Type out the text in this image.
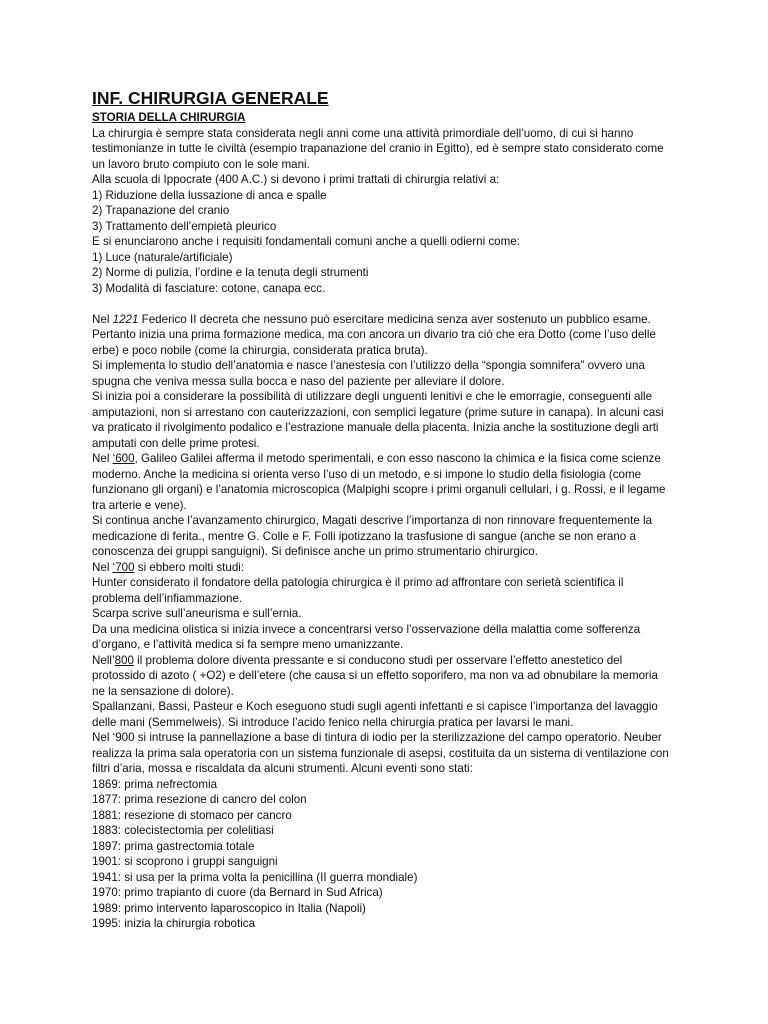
INF. CHIRURGIA GENERALE
STORIA DELLA CHIRURGIA
La chirurgia è sempre stata considerata negli anni come una attività primordiale dell’uomo, di cui si hanno
testimonianze in tutte le civiltà (esempio trapanazione del cranio in Egitto), ed è sempre stato considerato come
un lavoro bruto compiuto con le sole mani.
Alla scuola di Ippocrate (400 A.C.) si devono i primi trattati di chirurgia relativi a:
1) Riduzione della lussazione di anca e spalle
2) Trapanazione del cranio
3) Trattamento dell’empietà pleurico
E si enunciarono anche i requisiti fondamentali comuni anche a quelli odierni come:
1) Luce (naturale/artificiale)
2) Norme di pulizia, l’ordine e la tenuta degli strumenti
3) Modalità di fasciature: cotone, canapa ecc.
Nel 1221 Federico II decreta che nessuno può esercitare medicina senza aver sostenuto un pubblico esame.
Pertanto inizia una prima formazione medica, ma con ancora un divario tra ciò che era Dotto (come l’uso delle
erbe) e poco nobile (come la chirurgia, considerata pratica bruta).
Si implementa lo studio dell’anatomia e nasce l’anestesia con l’utilizzo della “spongia somnifera” ovvero una
spugna che veniva messa sulla bocca e naso del paziente per alleviare il dolore.
Si inizia poi a considerare la possibilità di utilizzare degli unguenti lenitivi e che le emorragie, conseguenti alle
amputazioni, non si arrestano con cauterizzazioni, con semplici legature (prime suture in canapa). In alcuni casi
va praticato il rivolgimento podalico e l’estrazione manuale della placenta. Inizia anche la sostituzione degli arti
amputati con delle prime protesi.
Nel ‘600, Galileo Galilei afferma il metodo sperimentali, e con esso nascono la chimica e la fisica come scienze
moderno. Anche la medicina si orienta verso l’uso di un metodo, e si impone lo studio della fisiologia (come
funzionano gli organi) e l’anatomia microscopica (Malpighi scopre i primi organuli cellulari, i g. Rossi, e il legame
tra arterie e vene).
Si continua anche l’avanzamento chirurgico, Magati descrive l’importanza di non rinnovare frequentemente la
medicazione di ferita., mentre G. Colle e F. Folli ipotizzano la trasfusione di sangue (anche se non erano a
conoscenza dei gruppi sanguigni). Si definisce anche un primo strumentario chirurgico.
Nel ‘700 si ebbero molti studi:
Hunter considerato il fondatore della patologia chirurgica è il primo ad affrontare con serietà scientifica il
problema dell’infiammazione.
Scarpa scrive sull’aneurisma e sull’ernia.
Da una medicina olistica si inizia invece a concentrarsi verso l’osservazione della malattia come sofferenza
d’organo, e l’attività medica si fa sempre meno umanizzante.
Nell’800 il problema dolore diventa pressante e si conducono studi per osservare l’effetto anestetico del
protossido di azoto ( +O2) e dell’etere (che causa si un effetto soporifero, ma non va ad obnubilare la memoria
ne la sensazione di dolore).
Spallanzani, Bassi, Pasteur e Koch eseguono studi sugli agenti infettanti e si capisce l’importanza del lavaggio
delle mani (Semmelweis). Si introduce l’acido fenico nella chirurgia pratica per lavarsi le mani.
Nel ‘900 si intruse la pannellazione a base di tintura di iodio per la sterilizzazione del campo operatorio. Neuber
realizza la prima sala operatoria con un sistema funzionale di asepsi, costituita da un sistema di ventilazione con
filtri d’aria, mossa e riscaldata da alcuni strumenti. Alcuni eventi sono stati:
1869: prima nefrectomia
1877: prima resezione di cancro del colon
1881: resezione di stomaco per cancro
1883: colecistectomia per colelitiasi
1897: prima gastrectomia totale
1901: si scoprono i gruppi sanguigni
1941: si usa per la prima volta la penicillina (II guerra mondiale)
1970: primo trapianto di cuore (da Bernard in Sud Africa)
1989: primo intervento laparoscopico in Italia (Napoli)
1995: inizia la chirurgia robotica
